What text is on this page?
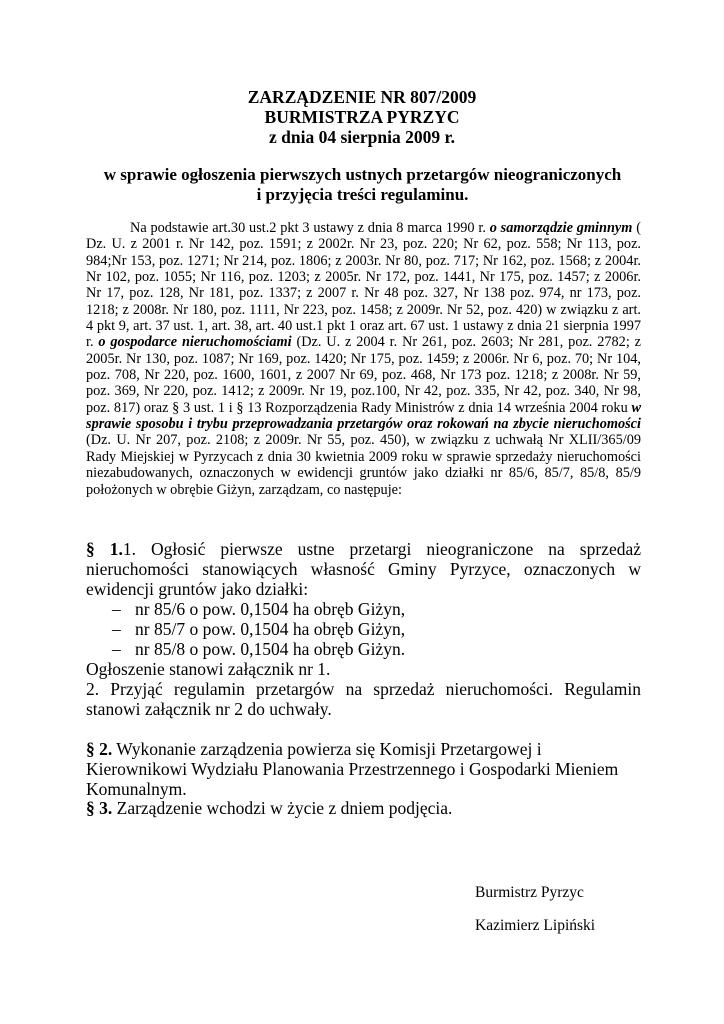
ZARZĄDZENIE NR 807/2009
BURMISTRZA PYRZYC
z dnia 04 sierpnia 2009 r.
w sprawie ogłoszenia pierwszych ustnych przetargów nieograniczonych
i przyjęcia treści regulaminu.
Na podstawie art.30 ust.2 pkt 3 ustawy z dnia 8 marca 1990 r. o samorządzie gminnym ( Dz. U. z 2001 r. Nr 142, poz. 1591; z 2002r. Nr 23, poz. 220; Nr 62, poz. 558; Nr 113, poz. 984;Nr 153, poz. 1271; Nr 214, poz. 1806; z 2003r. Nr 80, poz. 717; Nr 162, poz. 1568; z 2004r. Nr 102, poz. 1055; Nr 116, poz. 1203; z 2005r. Nr 172, poz. 1441, Nr 175, poz. 1457; z 2006r. Nr 17, poz. 128, Nr 181, poz. 1337; z 2007 r. Nr 48 poz. 327, Nr 138 poz. 974, nr 173, poz. 1218; z 2008r. Nr 180, poz. 1111, Nr 223, poz. 1458; z 2009r. Nr 52, poz. 420) w związku z art. 4 pkt 9, art. 37 ust. 1, art. 38, art. 40 ust.1 pkt 1 oraz art. 67 ust. 1 ustawy z dnia 21 sierpnia 1997 r. o gospodarce nieruchomościami (Dz. U. z 2004 r. Nr 261, poz. 2603; Nr 281, poz. 2782; z 2005r. Nr 130, poz. 1087; Nr 169, poz. 1420; Nr 175, poz. 1459; z 2006r. Nr 6, poz. 70; Nr 104, poz. 708, Nr 220, poz. 1600, 1601, z 2007 Nr 69, poz. 468, Nr 173 poz. 1218; z 2008r. Nr 59, poz. 369, Nr 220, poz. 1412; z 2009r. Nr 19, poz.100, Nr 42, poz. 335, Nr 42, poz. 340, Nr 98, poz. 817) oraz § 3 ust. 1 i § 13 Rozporządzenia Rady Ministrów z dnia 14 września 2004 roku w sprawie sposobu i trybu przeprowadzania przetargów oraz rokowań na zbycie nieruchomości (Dz. U. Nr 207, poz. 2108; z 2009r. Nr 55, poz. 450), w związku z uchwałą Nr XLII/365/09 Rady Miejskiej w Pyrzycach z dnia 30 kwietnia 2009 roku w sprawie sprzedaży nieruchomości niezabudowanych, oznaczonych w ewidencji gruntów jako działki nr 85/6, 85/7, 85/8, 85/9 położonych w obrębie Giżyn, zarządzam, co następuje:

§ 1.1. Ogłosić pierwsze ustne przetargi nieograniczone na sprzedaż nieruchomości stanowiących własność Gminy Pyrzyce, oznaczonych w ewidencji gruntów jako działki:

– nr 85/6 o pow. 0,1504 ha obręb Giżyn,
– nr 85/7 o pow. 0,1504 ha obręb Giżyn,
– nr 85/8 o pow. 0,1504 ha obręb Giżyn.

Ogłoszenie stanowi załącznik nr 1.

2. Przyjąć regulamin przetargów na sprzedaż nieruchomości. Regulamin stanowi załącznik nr 2 do uchwały.

§ 2. Wykonanie zarządzenia powierza się Komisji Przetargowej i Kierownikowi Wydziału Planowania Przestrzennego i Gospodarki Mieniem Komunalnym.
§ 3. Zarządzenie wchodzi w życie z dniem podjęcia.
Burmistrz Pyrzyc
Kazimierz Lipiński
